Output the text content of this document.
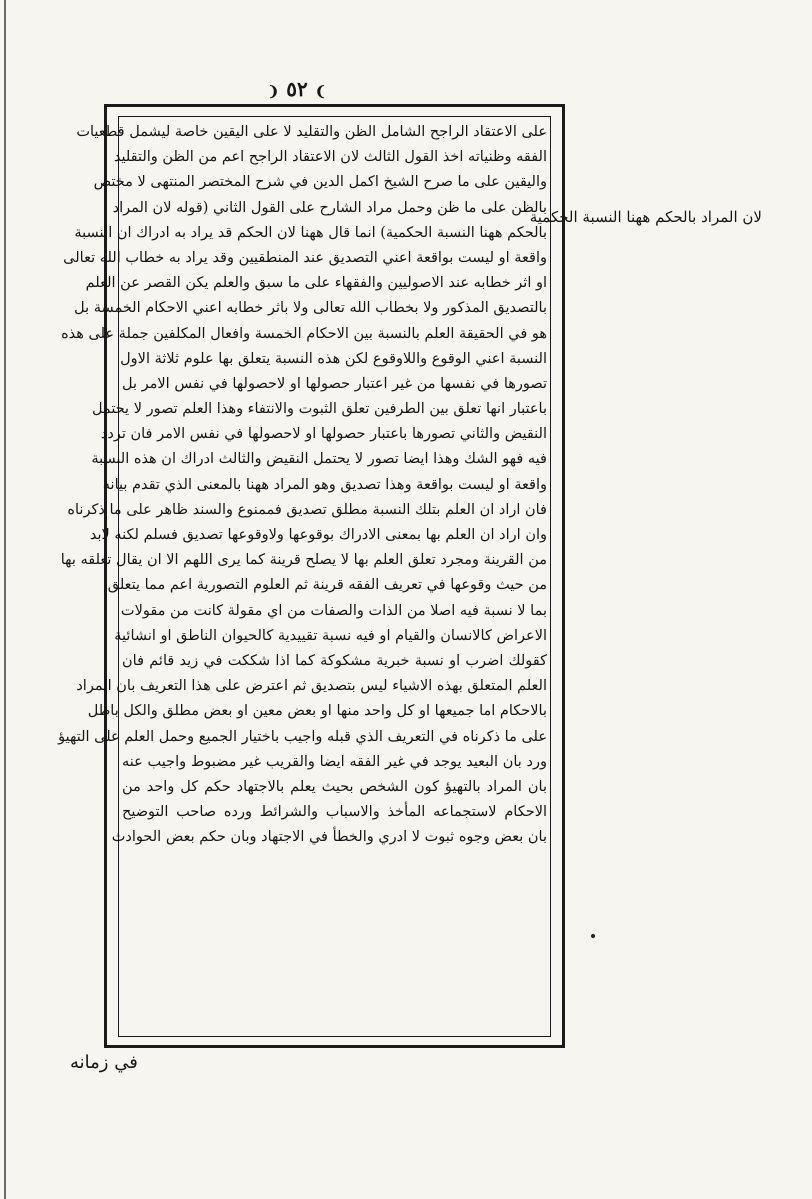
❩ ٥٢ ❨
على الاعتقاد الراجح الشامل الظن والتقليد لا على اليقين خاصة ليشمل قطعيات
الفقه وظنياته اخذ القول الثالث لان الاعتقاد الراجح اعم من الظن والتقليد
واليقين على ما صرح الشيخ اكمل الدين في شرح المختصر المنتهى لا مختص
بالظن على ما ظن وحمل مراد الشارح على القول الثاني (قوله لان المراد
بالحكم ههنا النسبة الحكمية) انما قال ههنا لان الحكم قد يراد به ادراك ان النسبة
واقعة او ليست بواقعة اعني التصديق عند المنطقيين وقد يراد به خطاب الله تعالى
او اثر خطابه عند الاصوليين والفقهاء على ما سبق والعلم يكن القصر عن العلم
بالتصديق المذكور ولا بخطاب الله تعالى ولا باثر خطابه اعني الاحكام الخمسة بل
هو في الحقيقة العلم بالنسبة بين الاحكام الخمسة وافعال المكلفين جملة على هذه
النسبة اعني الوقوع واللاوقوع لكن هذه النسبة يتعلق بها علوم ثلاثة الاول
تصورها في نفسها من غير اعتبار حصولها او لاحصولها في نفس الامر بل
باعتبار انها تعلق بين الطرفين تعلق الثبوت والانتفاء وهذا العلم تصور لا يحتمل
النقيض والثاني تصورها باعتبار حصولها او لاحصولها في نفس الامر فان تردد
فيه فهو الشك وهذا ايضا تصور لا يحتمل النقيض والثالث ادراك ان هذه النسبة
واقعة او ليست بواقعة وهذا تصديق وهو المراد ههنا بالمعنى الذي تقدم بيانه
فان اراد ان العلم بتلك النسبة مطلق تصديق فممنوع والسند ظاهر على ما ذكرناه
وان اراد ان العلم بها بمعنى الادراك بوقوعها ولاوقوعها تصديق فسلم لكنه لابد
من القرينة ومجرد تعلق العلم بها لا يصلح قرينة كما يرى اللهم الا ان يقال تعلقه بها
من حيث وقوعها في تعريف الفقه قرينة ثم العلوم التصورية اعم مما يتعلق
بما لا نسبة فيه اصلا من الذات والصفات من اي مقولة كانت من مقولات
الاعراض كالانسان والقيام او فيه نسبة تقييدية كالحيوان الناطق او انشائية
كقولك اضرب او نسبة خبرية مشكوكة كما اذا شككت في زيد قائم فان
العلم المتعلق بهذه الاشياء ليس بتصديق ثم اعترض على هذا التعريف بان المراد
بالاحكام اما جميعها او كل واحد منها او بعض معين او بعض مطلق والكل باطل
على ما ذكرناه في التعريف الذي قبله واجيب باختيار الجميع وحمل العلم على التهيؤ
ورد بان البعيد يوجد في غير الفقه ايضا والقريب غير مضبوط واجيب عنه
بان المراد بالتهيؤ كون الشخص بحيث يعلم بالاجتهاد حكم كل واحد من
الاحكام لاستجماعه المأخذ والاسباب والشرائط ورده صاحب التوضيح
بان بعض وجوه ثبوت لا ادري والخطأ في الاجتهاد وبان حكم بعض الحوادث
لان المراد بالحكم ههنا النسبة الحكمية
في زمانه
